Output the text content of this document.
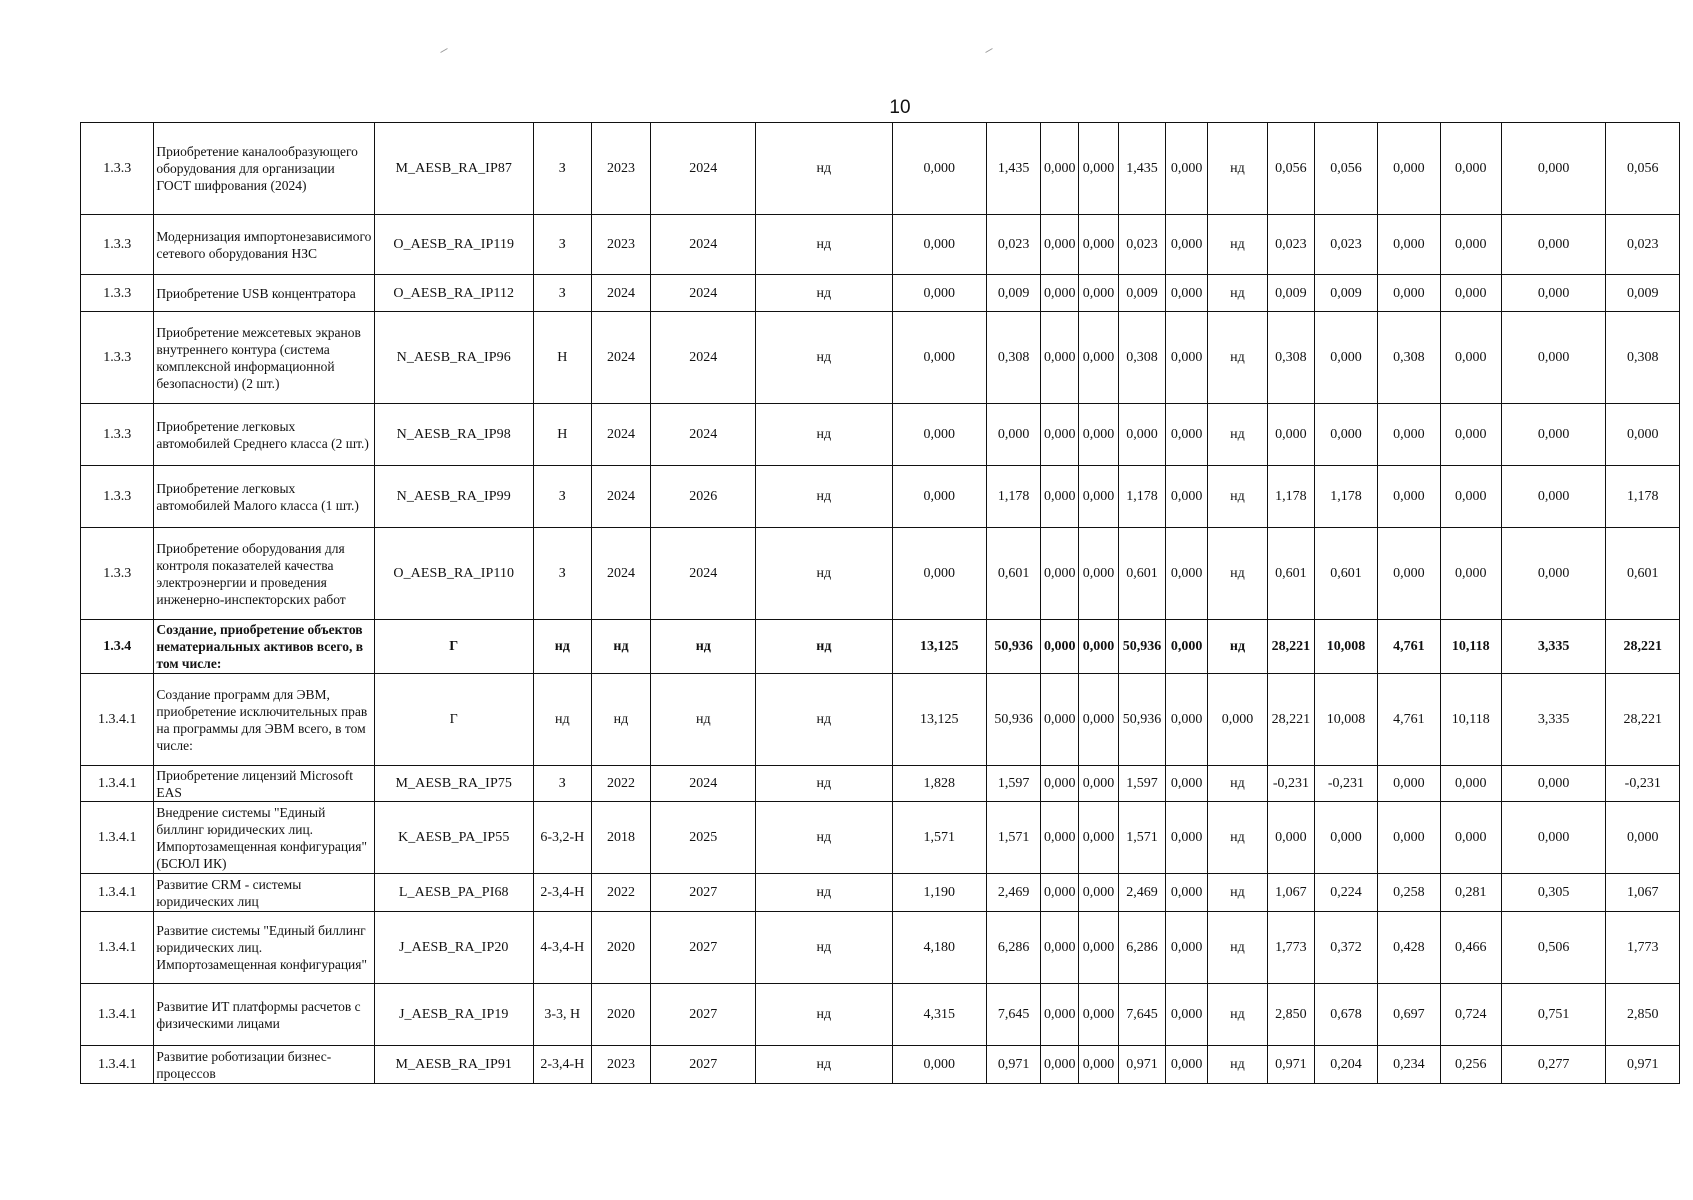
10
1.3.3	Приобретение каналообразующего оборудования для организации ГОСТ шифрования (2024)	M_AESB_RA_IP87	З	2023	2024	нд	0,000	1,435	0,000	0,000	1,435	0,000	нд	0,056	0,056	0,000	0,000	0,000	0,056
1.3.3	Модернизация импортонезависимого сетевого оборудования НЗС	O_AESB_RA_IP119	З	2023	2024	нд	0,000	0,023	0,000	0,000	0,023	0,000	нд	0,023	0,023	0,000	0,000	0,000	0,023
1.3.3	Приобретение USB концентратора	O_AESB_RA_IP112	З	2024	2024	нд	0,000	0,009	0,000	0,000	0,009	0,000	нд	0,009	0,009	0,000	0,000	0,000	0,009
1.3.3	Приобретение межсетевых экранов внутреннего контура (система комплексной информационной безопасности) (2 шт.)	N_AESB_RA_IP96	Н	2024	2024	нд	0,000	0,308	0,000	0,000	0,308	0,000	нд	0,308	0,000	0,308	0,000	0,000	0,308
1.3.3	Приобретение легковых автомобилей Среднего класса (2 шт.)	N_AESB_RA_IP98	Н	2024	2024	нд	0,000	0,000	0,000	0,000	0,000	0,000	нд	0,000	0,000	0,000	0,000	0,000	0,000
1.3.3	Приобретение легковых автомобилей Малого класса (1 шт.)	N_AESB_RA_IP99	З	2024	2026	нд	0,000	1,178	0,000	0,000	1,178	0,000	нд	1,178	1,178	0,000	0,000	0,000	1,178
1.3.3	Приобретение оборудования для контроля показателей качества электроэнергии и проведения инженерно-инспекторских работ	O_AESB_RA_IP110	З	2024	2024	нд	0,000	0,601	0,000	0,000	0,601	0,000	нд	0,601	0,601	0,000	0,000	0,000	0,601
1.3.4	Создание, приобретение объектов нематериальных активов всего, в том числе:	Г	нд	нд	нд	нд	13,125	50,936	0,000	0,000	50,936	0,000	нд	28,221	10,008	4,761	10,118	3,335	28,221
1.3.4.1	Создание программ для ЭВМ, приобретение исключительных прав на программы для ЭВМ всего, в том числе:	Г	нд	нд	нд	нд	13,125	50,936	0,000	0,000	50,936	0,000	0,000	28,221	10,008	4,761	10,118	3,335	28,221
1.3.4.1	Приобретение лицензий Microsoft EAS	M_AESB_RA_IP75	З	2022	2024	нд	1,828	1,597	0,000	0,000	1,597	0,000	нд	-0,231	-0,231	0,000	0,000	0,000	-0,231
1.3.4.1	Внедрение системы "Единый биллинг юридических лиц. Импортозамещенная конфигурация" (БСЮЛ ИК)	K_AESB_PA_IP55	6-3,2-Н	2018	2025	нд	1,571	1,571	0,000	0,000	1,571	0,000	нд	0,000	0,000	0,000	0,000	0,000	0,000
1.3.4.1	Развитие CRM - системы юридических лиц	L_AESB_PA_PI68	2-3,4-Н	2022	2027	нд	1,190	2,469	0,000	0,000	2,469	0,000	нд	1,067	0,224	0,258	0,281	0,305	1,067
1.3.4.1	Развитие системы "Единый биллинг юридических лиц. Импортозамещенная конфигурация"	J_AESB_RA_IP20	4-3,4-Н	2020	2027	нд	4,180	6,286	0,000	0,000	6,286	0,000	нд	1,773	0,372	0,428	0,466	0,506	1,773
1.3.4.1	Развитие ИТ платформы расчетов с физическими лицами	J_AESB_RA_IP19	3-3, Н	2020	2027	нд	4,315	7,645	0,000	0,000	7,645	0,000	нд	2,850	0,678	0,697	0,724	0,751	2,850
1.3.4.1	Развитие роботизации бизнес-процессов	M_AESB_RA_IP91	2-3,4-Н	2023	2027	нд	0,000	0,971	0,000	0,000	0,971	0,000	нд	0,971	0,204	0,234	0,256	0,277	0,971
